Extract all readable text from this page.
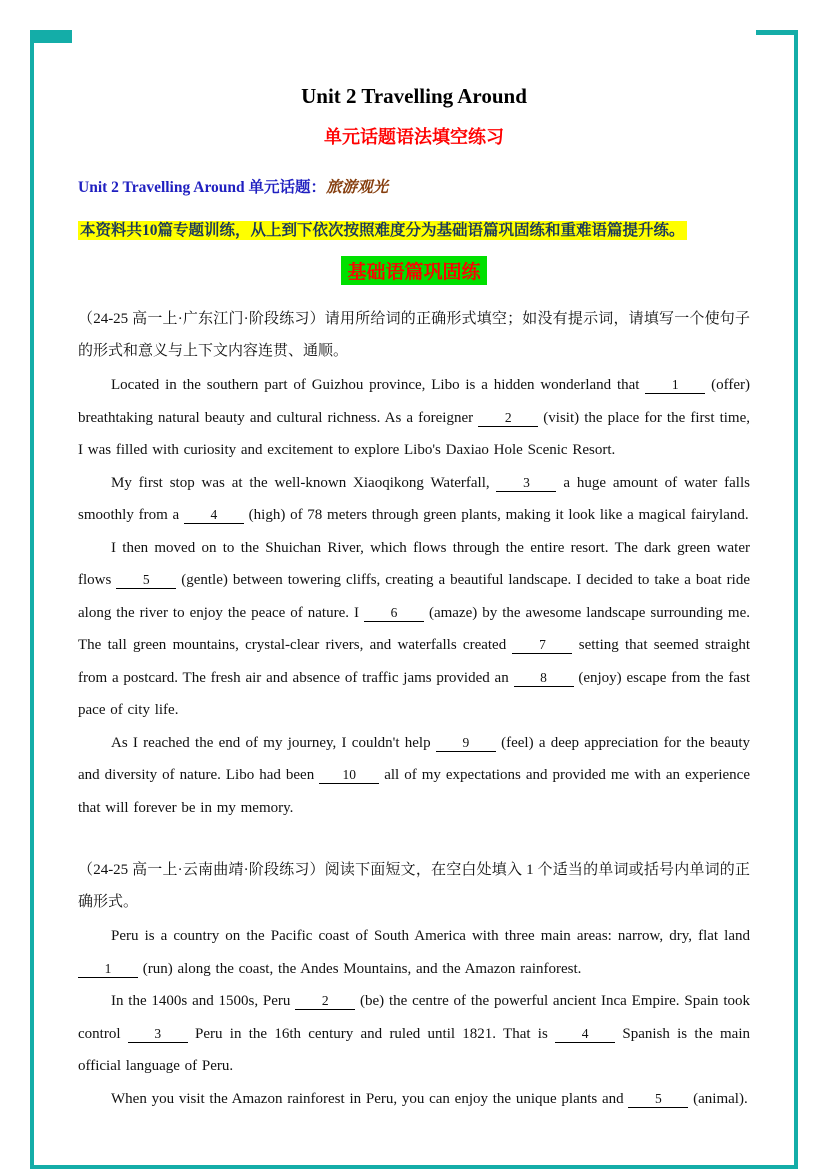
Unit 2 Travelling Around
单元话题语法填空练习

Unit 2 Travelling Around 单元话题：旅游观光

本资料共10篇专题训练，从上到下依次按照难度分为基础语篇巩固练和重难语篇提升练。

基础语篇巩固练

（24-25 高一上·广东江门·阶段练习）请用所给词的正确形式填空；如没有提示词，请填写一个使句子的形式和意义与上下文内容连贯、通顺。

Located in the southern part of Guizhou province, Libo is a hidden wonderland that 1 (offer) breathtaking natural beauty and cultural richness. As a foreigner 2 (visit) the place for the first time, I was filled with curiosity and excitement to explore Libo's Daxiao Hole Scenic Resort.

My first stop was at the well-known Xiaoqikong Waterfall, 3 a huge amount of water falls smoothly from a 4 (high) of 78 meters through green plants, making it look like a magical fairyland.

I then moved on to the Shuichan River, which flows through the entire resort. The dark green water flows 5 (gentle) between towering cliffs, creating a beautiful landscape. I decided to take a boat ride along the river to enjoy the peace of nature. I 6 (amaze) by the awesome landscape surrounding me. The tall green mountains, crystal-clear rivers, and waterfalls created 7 setting that seemed straight from a postcard. The fresh air and absence of traffic jams provided an 8 (enjoy) escape from the fast pace of city life.

As I reached the end of my journey, I couldn't help 9 (feel) a deep appreciation for the beauty and diversity of nature. Libo had been 10 all of my expectations and provided me with an experience that will forever be in my memory.

（24-25 高一上·云南曲靖·阶段练习）阅读下面短文，在空白处填入 1 个适当的单词或括号内单词的正确形式。

Peru is a country on the Pacific coast of South America with three main areas: narrow, dry, flat land 1 (run) along the coast, the Andes Mountains, and the Amazon rainforest.

In the 1400s and 1500s, Peru 2 (be) the centre of the powerful ancient Inca Empire. Spain took control 3 Peru in the 16th century and ruled until 1821. That is 4 Spanish is the main official language of Peru.

When you visit the Amazon rainforest in Peru, you can enjoy the unique plants and 5 (animal).
